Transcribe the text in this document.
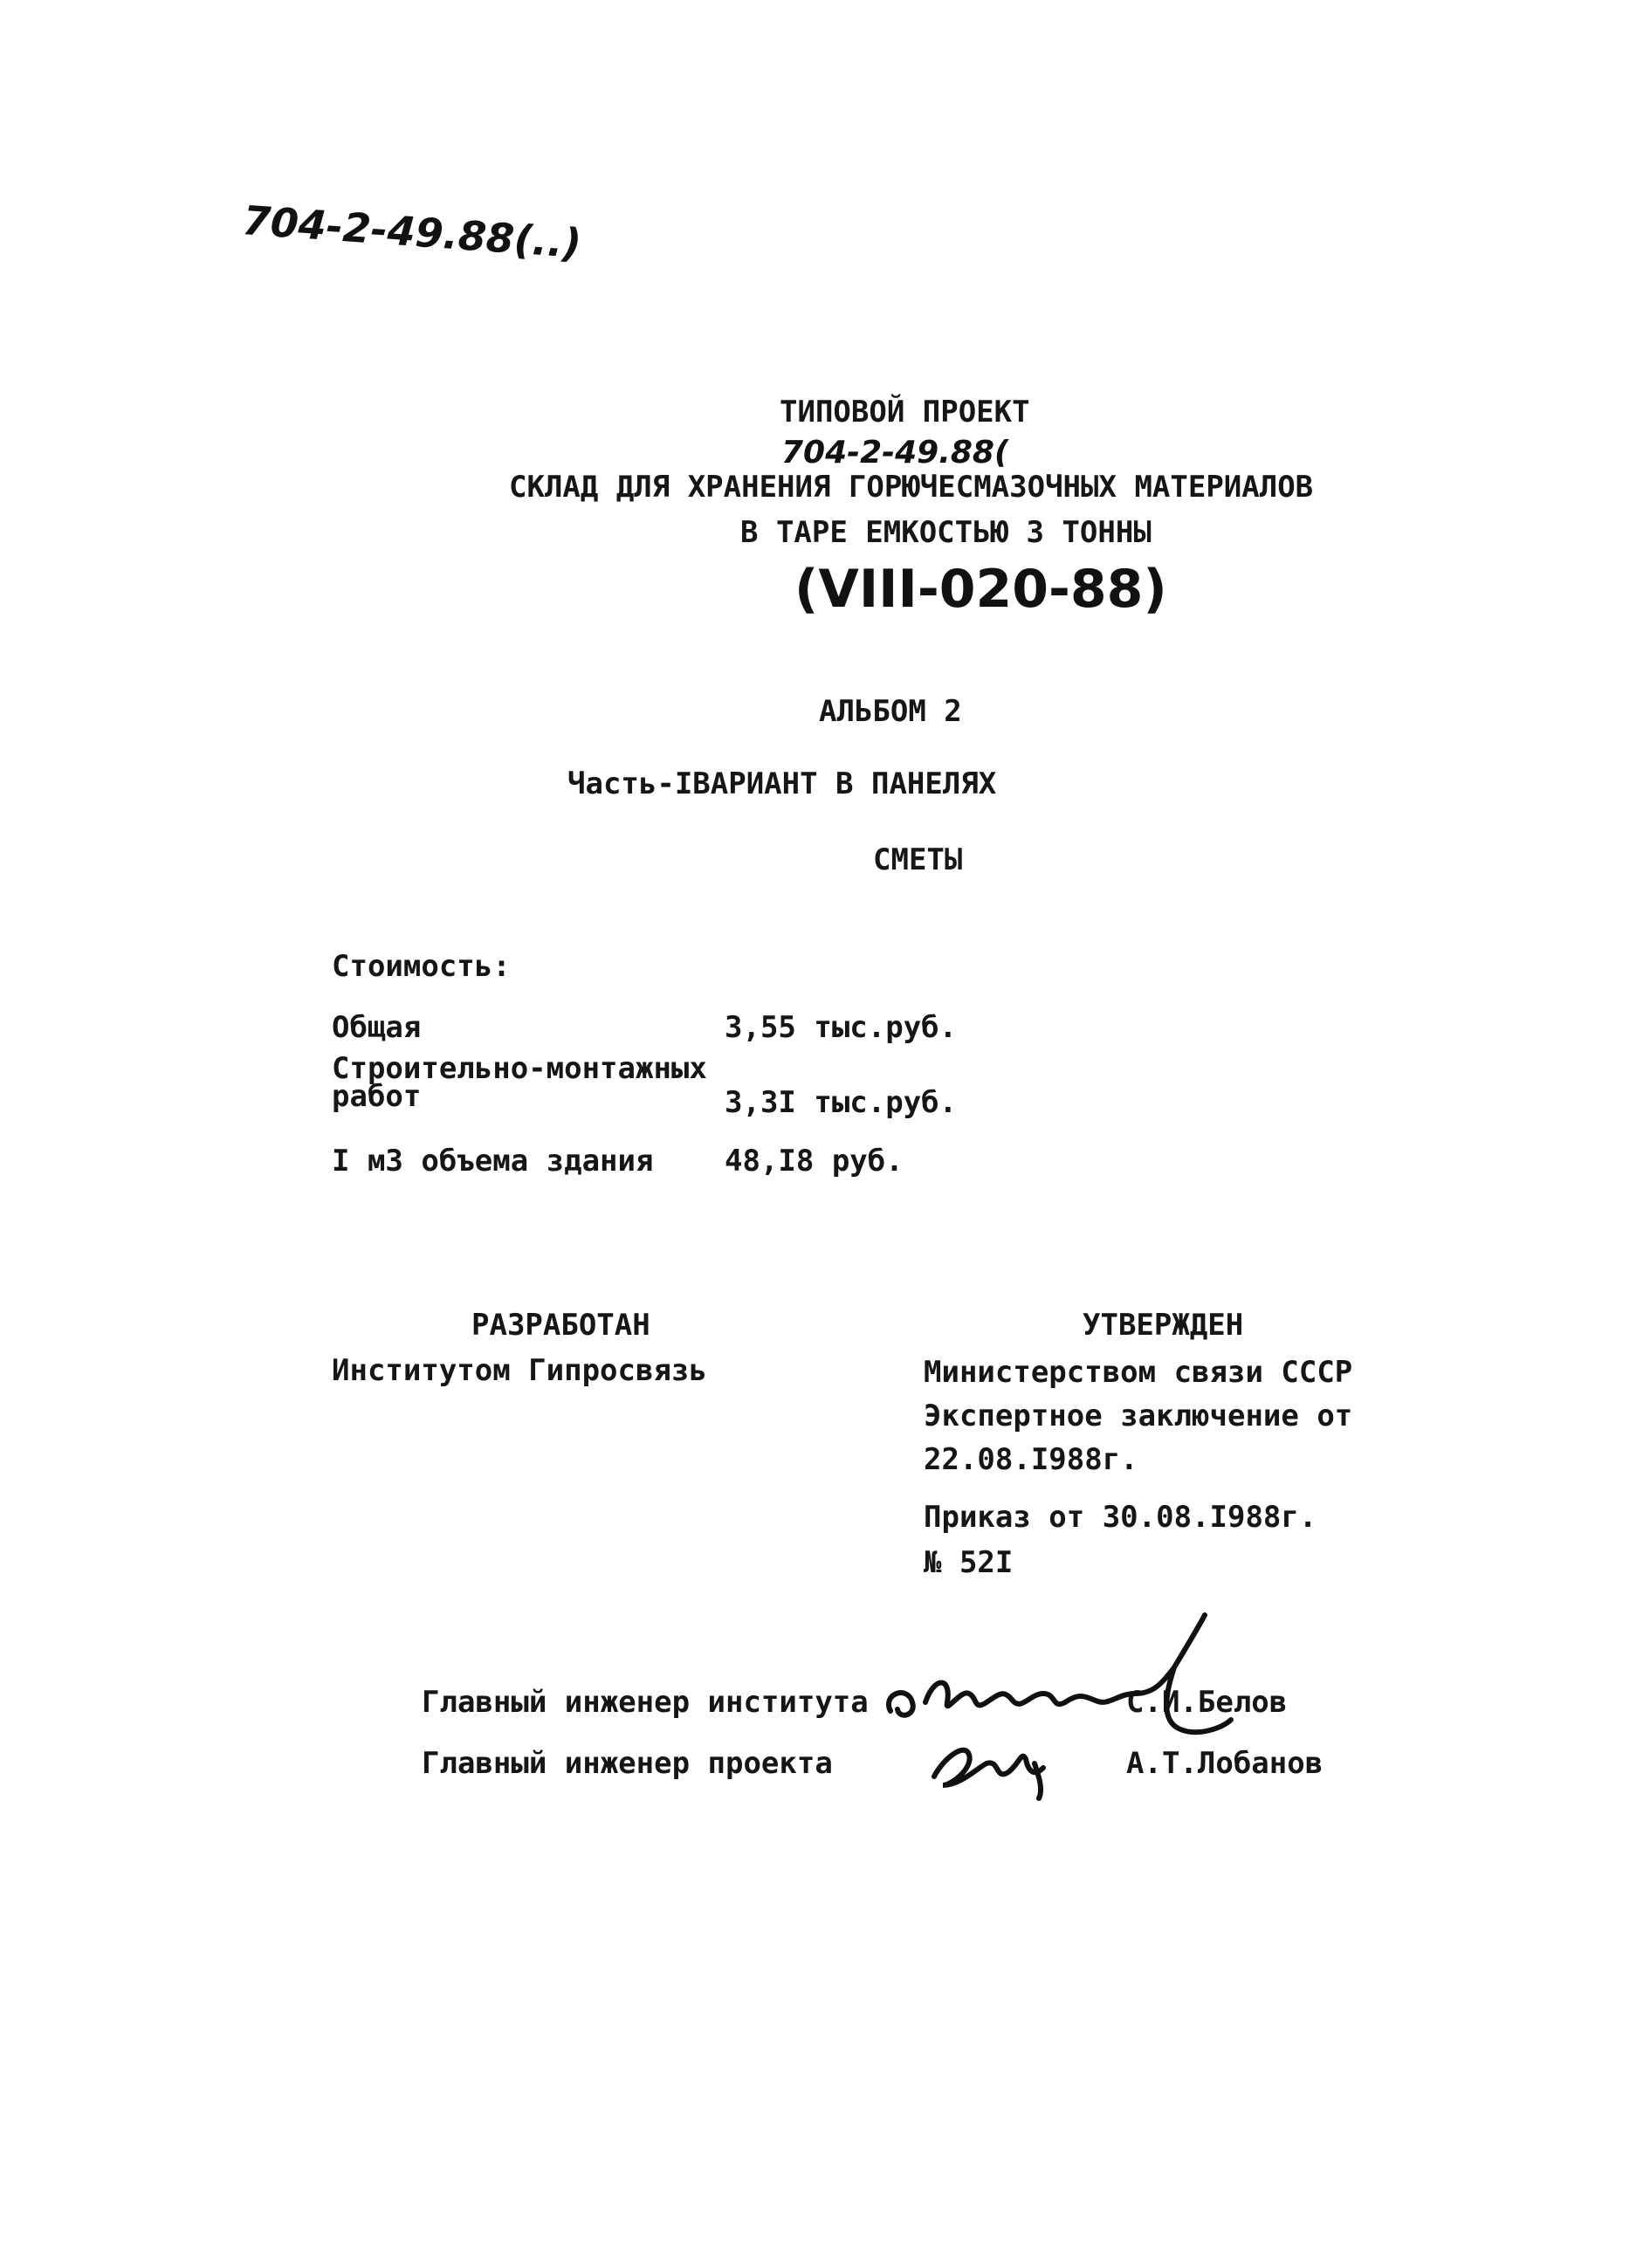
704-2-49.88(..)
ТИПОВОЙ ПРОЕКТ
704-2-49.88(
СКЛАД ДЛЯ ХРАНЕНИЯ ГОРЮЧЕСМАЗОЧНЫХ МАТЕРИАЛОВ
В ТАРЕ ЕМКОСТЬЮ 3 ТОННЫ
(VIII-020-88)
АЛЬБОМ 2
Часть-IВАРИАНТ В ПАНЕЛЯХ
СМЕТЫ
Стоимость:
Общая	3,55 тыс.руб.
Строительно-монтажных
работ	3,3I тыс.руб.
I м3 объема здания 48,I8 руб.
РАЗРАБОТАН
Институтом Гипросвязь
УТВЕРЖДЕН
Министерством связи СССР
Экспертное заключение от
22.08.I988г.
Приказ от 30.08.I988г.
№ 52I
Главный инженер института	С.И.Белов
Главный инженер проекта	А.Т.Лобанов
